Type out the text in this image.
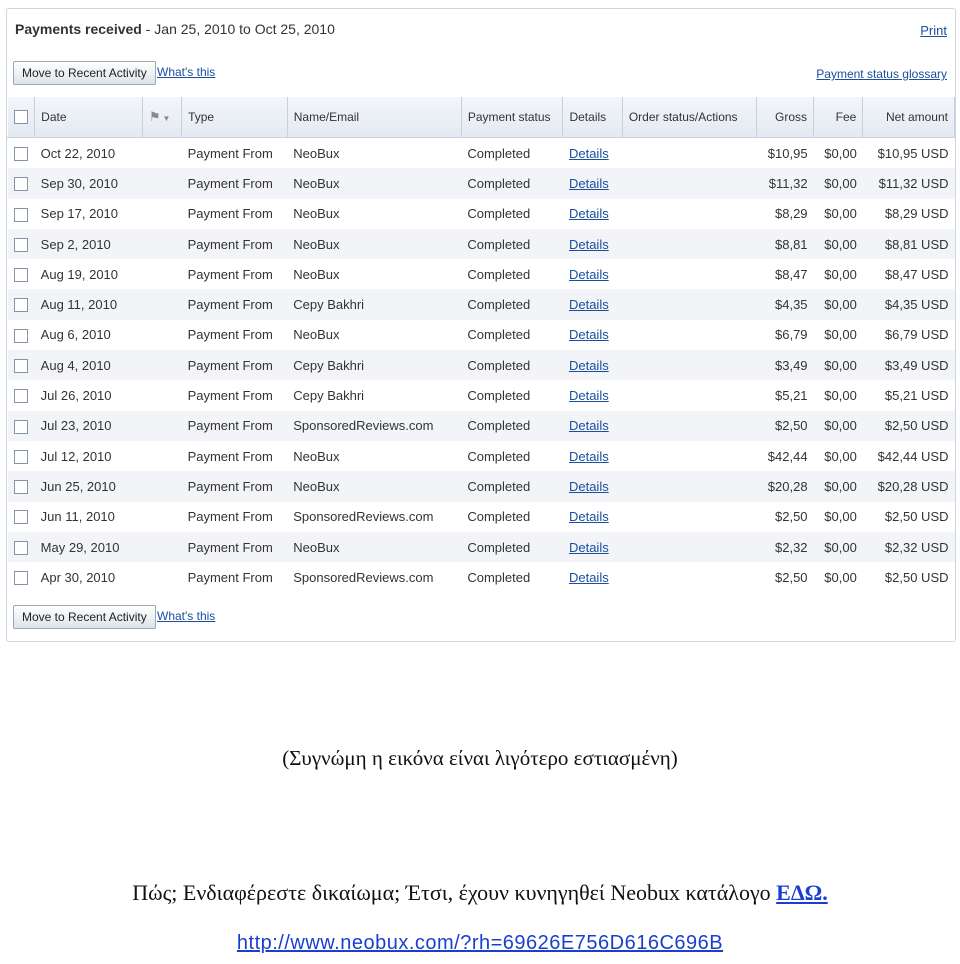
Payments received - Jan 25, 2010 to Oct 25, 2010	Print
Payment status glossary
Move to Recent Activity What's this
	Date	⚑ ▼	Type	Name/Email	Payment status	Details	Order status/Actions	Gross	Fee	Net amount
	Oct 22, 2010		Payment From	NeoBux	Completed	Details		$10,95	$0,00	$10,95 USD
	Sep 30, 2010		Payment From	NeoBux	Completed	Details		$11,32	$0,00	$11,32 USD
	Sep 17, 2010		Payment From	NeoBux	Completed	Details		$8,29	$0,00	$8,29 USD
	Sep 2, 2010		Payment From	NeoBux	Completed	Details		$8,81	$0,00	$8,81 USD
	Aug 19, 2010		Payment From	NeoBux	Completed	Details		$8,47	$0,00	$8,47 USD
	Aug 11, 2010		Payment From	Cepy Bakhri	Completed	Details		$4,35	$0,00	$4,35 USD
	Aug 6, 2010		Payment From	NeoBux	Completed	Details		$6,79	$0,00	$6,79 USD
	Aug 4, 2010		Payment From	Cepy Bakhri	Completed	Details		$3,49	$0,00	$3,49 USD
	Jul 26, 2010		Payment From	Cepy Bakhri	Completed	Details		$5,21	$0,00	$5,21 USD
	Jul 23, 2010		Payment From	SponsoredReviews.com	Completed	Details		$2,50	$0,00	$2,50 USD
	Jul 12, 2010		Payment From	NeoBux	Completed	Details		$42,44	$0,00	$42,44 USD
	Jun 25, 2010		Payment From	NeoBux	Completed	Details		$20,28	$0,00	$20,28 USD
	Jun 11, 2010		Payment From	SponsoredReviews.com	Completed	Details		$2,50	$0,00	$2,50 USD
	May 29, 2010		Payment From	NeoBux	Completed	Details		$2,32	$0,00	$2,32 USD
	Apr 30, 2010		Payment From	SponsoredReviews.com	Completed	Details		$2,50	$0,00	$2,50 USD
Move to Recent Activity What's this
(Συγνώμη η εικόνα είναι λιγότερο εστιασμένη)
Πώς; Ενδιαφέρεστε δικαίωμα; Έτσι, έχουν κυνηγηθεί Neobux κατάλογο ΕΔΩ.
http://www.neobux.com/?rh=69626E756D616C696B
